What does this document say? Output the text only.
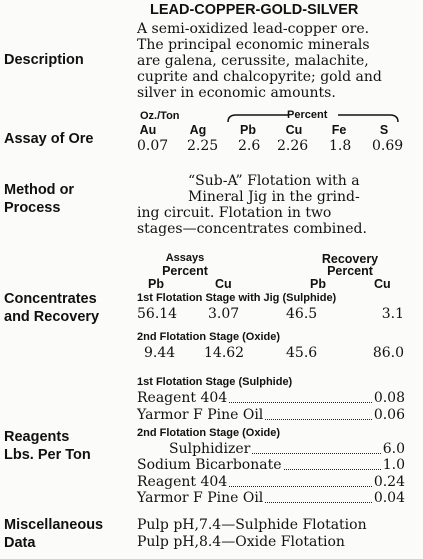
LEAD-COPPER-GOLD-SILVER
Description
A semi-oxidized lead-copper ore.
The principal economic minerals
are galena, cerussite, malachite,
cuprite and chalcopyrite; gold and
silver in economic amounts.
Assay of Ore
Oz./Ton	Percent
Au	Ag	Pb	Cu	Fe	S
0.07 2.25 2.6 2.26 1.8 0.69
Method or
Process
“Sub-A” Flotation with a
Mineral Jig in the grind-
ing circuit. Flotation in two
stages—concentrates combined.
Concentrates
and Recovery
Assays
Percent
Recovery
Percent
Pb	Cu	Pb	Cu
1st Flotation Stage with Jig (Sulphide)
56.14 3.07	46.5	3.1
2nd Flotation Stage (Oxide)
9.44 14.62	45.6	86.0
Reagents
Lbs. Per Ton
1st Flotation Stage (Sulphide)
Reagent 404	0.08
Yarmor F Pine Oil	0.06
2nd Flotation Stage (Oxide)
Sulphidizer	6.0
Sodium Bicarbonate	1.0
Reagent 404	0.24
Yarmor F Pine Oil	0.04
Miscellaneous
Data
Pulp pH,7.4—Sulphide Flotation
Pulp pH,8.4—Oxide Flotation
